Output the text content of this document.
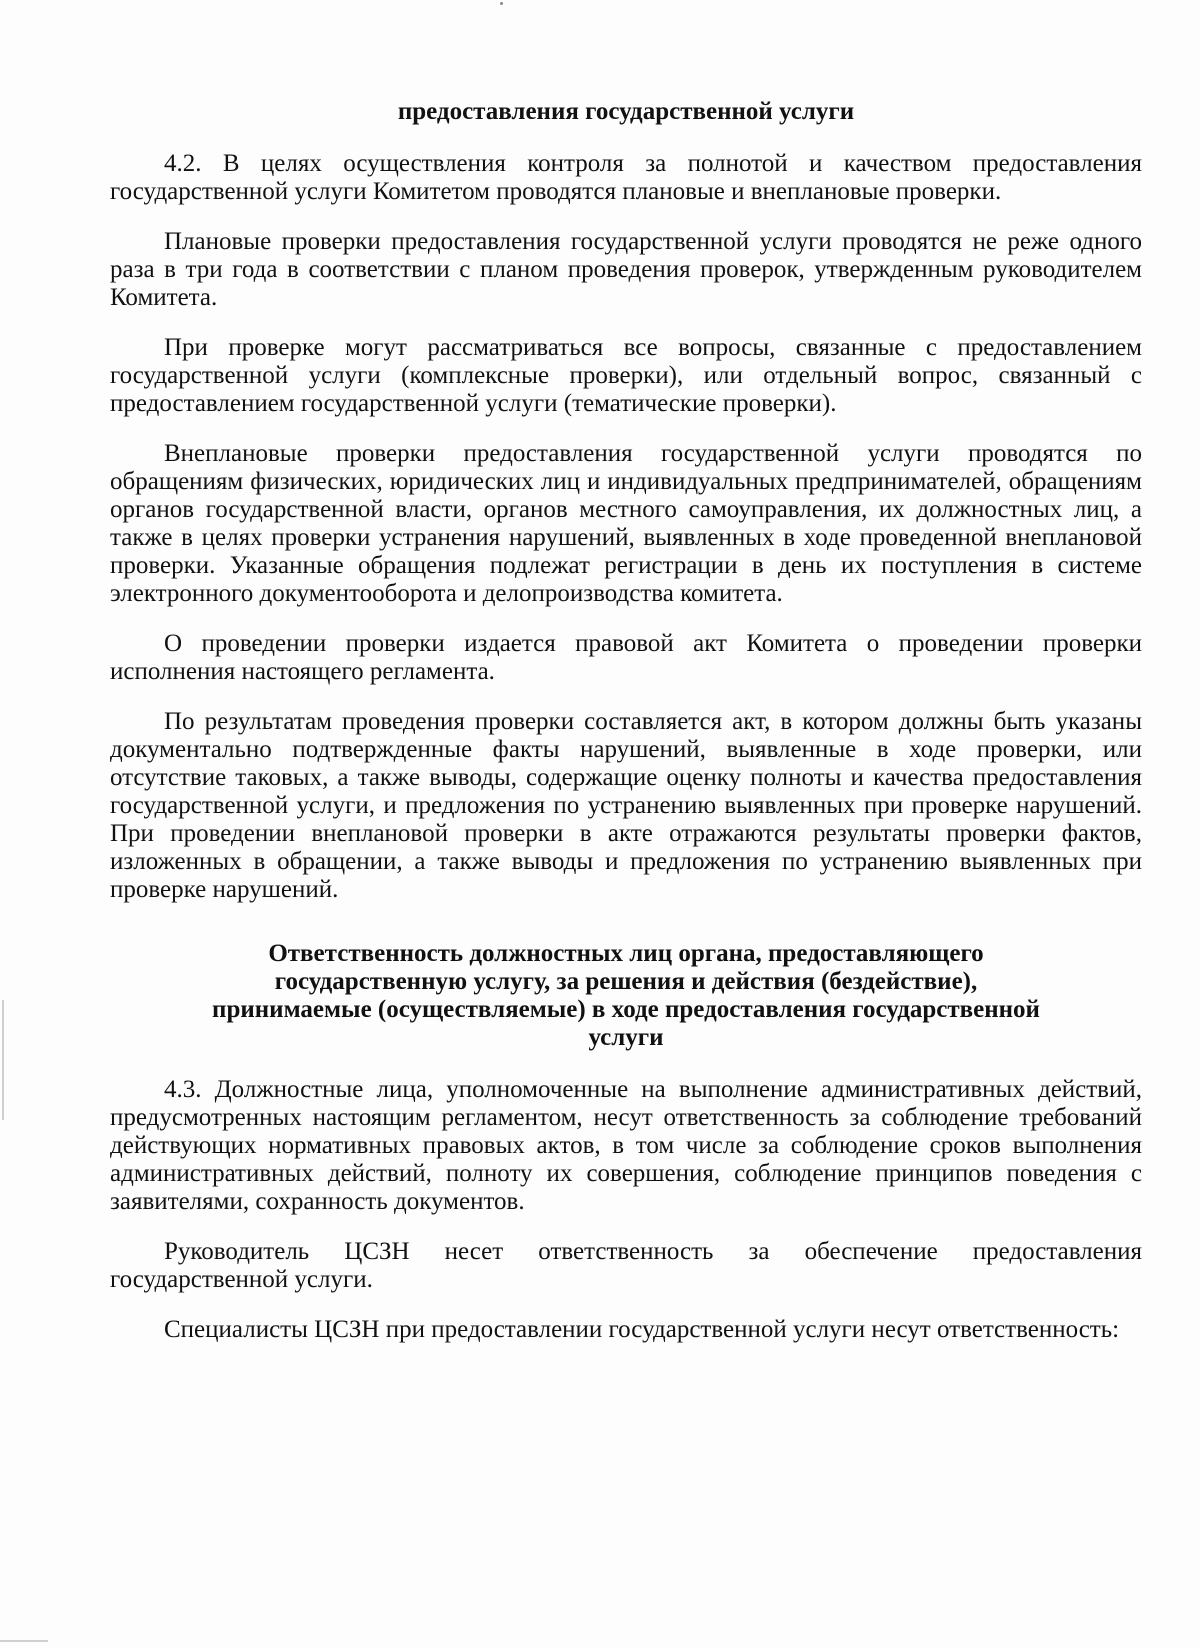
предоставления государственной услуги

4.2. В целях осуществления контроля за полнотой и качеством предоставления государственной услуги Комитетом проводятся плановые и внеплановые проверки.

Плановые проверки предоставления государственной услуги проводятся не реже одного раза в три года в соответствии с планом проведения проверок, утвержденным руководителем Комитета.

При проверке могут рассматриваться все вопросы, связанные с предоставлением государственной услуги (комплексные проверки), или отдельный вопрос, связанный с предоставлением государственной услуги (тематические проверки).

Внеплановые проверки предоставления государственной услуги проводятся по обращениям физических, юридических лиц и индивидуальных предпринимателей, обращениям органов государственной власти, органов местного самоуправления, их должностных лиц, а также в целях проверки устранения нарушений, выявленных в ходе проведенной внеплановой проверки. Указанные обращения подлежат регистрации в день их поступления в системе электронного документооборота и делопроизводства комитета.

О проведении проверки издается правовой акт Комитета о проведении проверки исполнения настоящего регламента.

По результатам проведения проверки составляется акт, в котором должны быть указаны документально подтвержденные факты нарушений, выявленные в ходе проверки, или отсутствие таковых, а также выводы, содержащие оценку полноты и качества предоставления государственной услуги, и предложения по устранению выявленных при проверке нарушений. При проведении внеплановой проверки в акте отражаются результаты проверки фактов, изложенных в обращении, а также выводы и предложения по устранению выявленных при проверке нарушений.

Ответственность должностных лиц органа, предоставляющего государственную услугу, за решения и действия (бездействие), принимаемые (осуществляемые) в ходе предоставления государственной услуги

4.3. Должностные лица, уполномоченные на выполнение административных действий, предусмотренных настоящим регламентом, несут ответственность за соблюдение требований действующих нормативных правовых актов, в том числе за соблюдение сроков выполнения административных действий, полноту их совершения, соблюдение принципов поведения с заявителями, сохранность документов.

Руководитель ЦСЗН несет ответственность за обеспечение предоставления государственной услуги.

Специалисты ЦСЗН при предоставлении государственной услуги несут ответственность:
